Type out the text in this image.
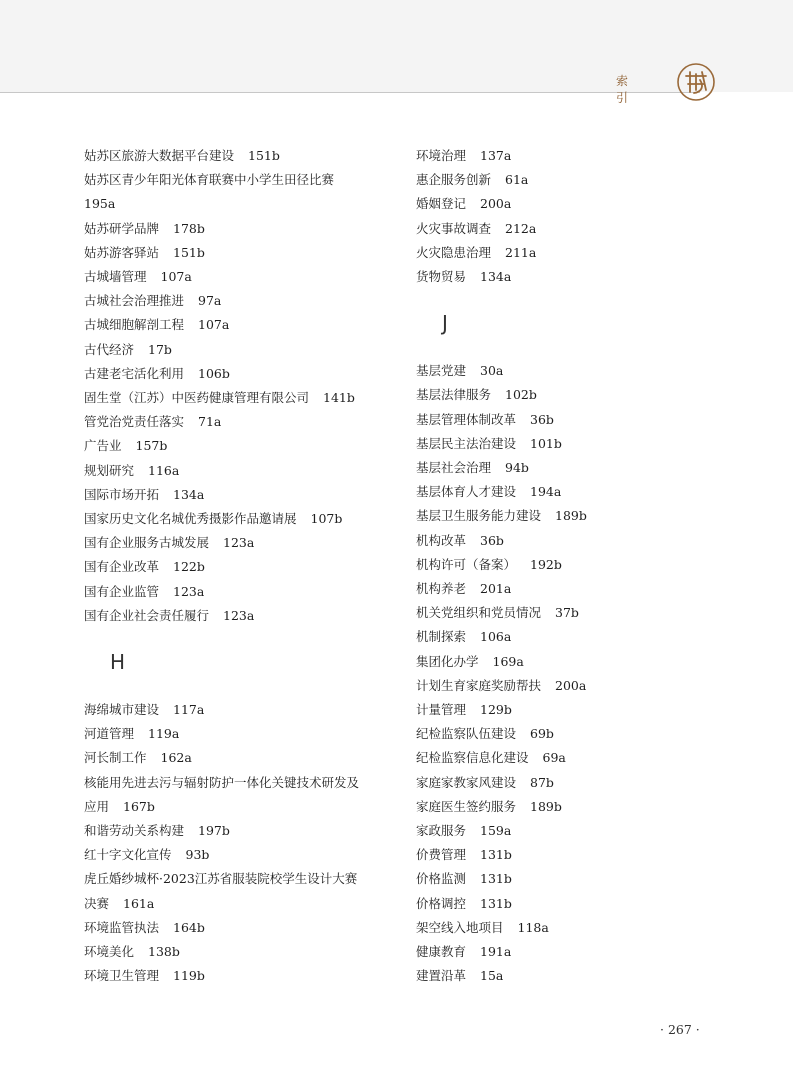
索 引
姑苏区旅游大数据平台建设 151b
姑苏区青少年阳光体育联赛中小学生田径比赛
195a
姑苏研学品牌 178b
姑苏游客驿站 151b
古城墙管理 107a
古城社会治理推进 97a
古城细胞解剖工程 107a
古代经济 17b
古建老宅活化利用 106b
固生堂（江苏）中医药健康管理有限公司 141b
管党治党责任落实 71a
广告业 157b
规划研究 116a
国际市场开拓 134a
国家历史文化名城优秀摄影作品邀请展 107b
国有企业服务古城发展 123a
国有企业改革 122b
国有企业监管 123a
国有企业社会责任履行 123a
H
海绵城市建设 117a
河道管理 119a
河长制工作 162a
核能用先进去污与辐射防护一体化关键技术研发及
应用 167b
和谐劳动关系构建 197b
红十字文化宣传 93b
虎丘婚纱城杯·2023江苏省服装院校学生设计大赛
决赛 161a
环境监管执法 164b
环境美化 138b
环境卫生管理 119b
环境治理 137a
惠企服务创新 61a
婚姻登记 200a
火灾事故调查 212a
火灾隐患治理 211a
货物贸易 134a
J
基层党建 30a
基层法律服务 102b
基层管理体制改革 36b
基层民主法治建设 101b
基层社会治理 94b
基层体育人才建设 194a
基层卫生服务能力建设 189b
机构改革 36b
机构许可（备案） 192b
机构养老 201a
机关党组织和党员情况 37b
机制探索 106a
集团化办学 169a
计划生育家庭奖励帮扶 200a
计量管理 129b
纪检监察队伍建设 69b
纪检监察信息化建设 69a
家庭家教家风建设 87b
家庭医生签约服务 189b
家政服务 159a
价费管理 131b
价格监测 131b
价格调控 131b
架空线入地项目 118a
健康教育 191a
建置沿革 15a
· 267 ·
